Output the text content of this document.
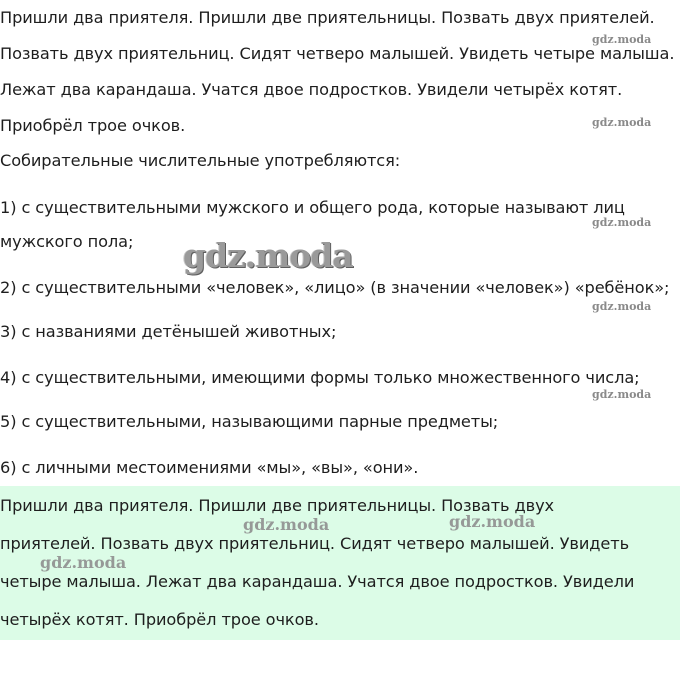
Пришли два приятеля. Пришли две приятельницы. Позвать двух приятелей.
Позвать двух приятельниц. Сидят четверо малышей. Увидеть четыре малыша.
Лежат два карандаша. Учатся двое подростков. Увидели четырёх котят.
Приобрёл трое очков.
Собирательные числительные употребляются:
1) с существительными мужского и общего рода, которые называют лиц
мужского пола;
2) с существительными «человек», «лицо» (в значении «человек») «ребёнок»;
3) с названиями детёнышей животных;
4) с существительными, имеющими формы только множественного числа;
5) с существительными, называющими парные предметы;
6) с личными местоимениями «мы», «вы», «они».
Пришли два приятеля. Пришли две приятельницы. Позвать двух
приятелей. Позвать двух приятельниц. Сидят четверо малышей. Увидеть
четыре малыша. Лежат два карандаша. Учатся двое подростков. Увидели
четырёх котят. Приобрёл трое очков.
gdz.moda
gdz.moda
gdz.moda
gdz.moda
gdz.moda
gdz.moda
gdz.moda	gdz.moda
gdz.moda
